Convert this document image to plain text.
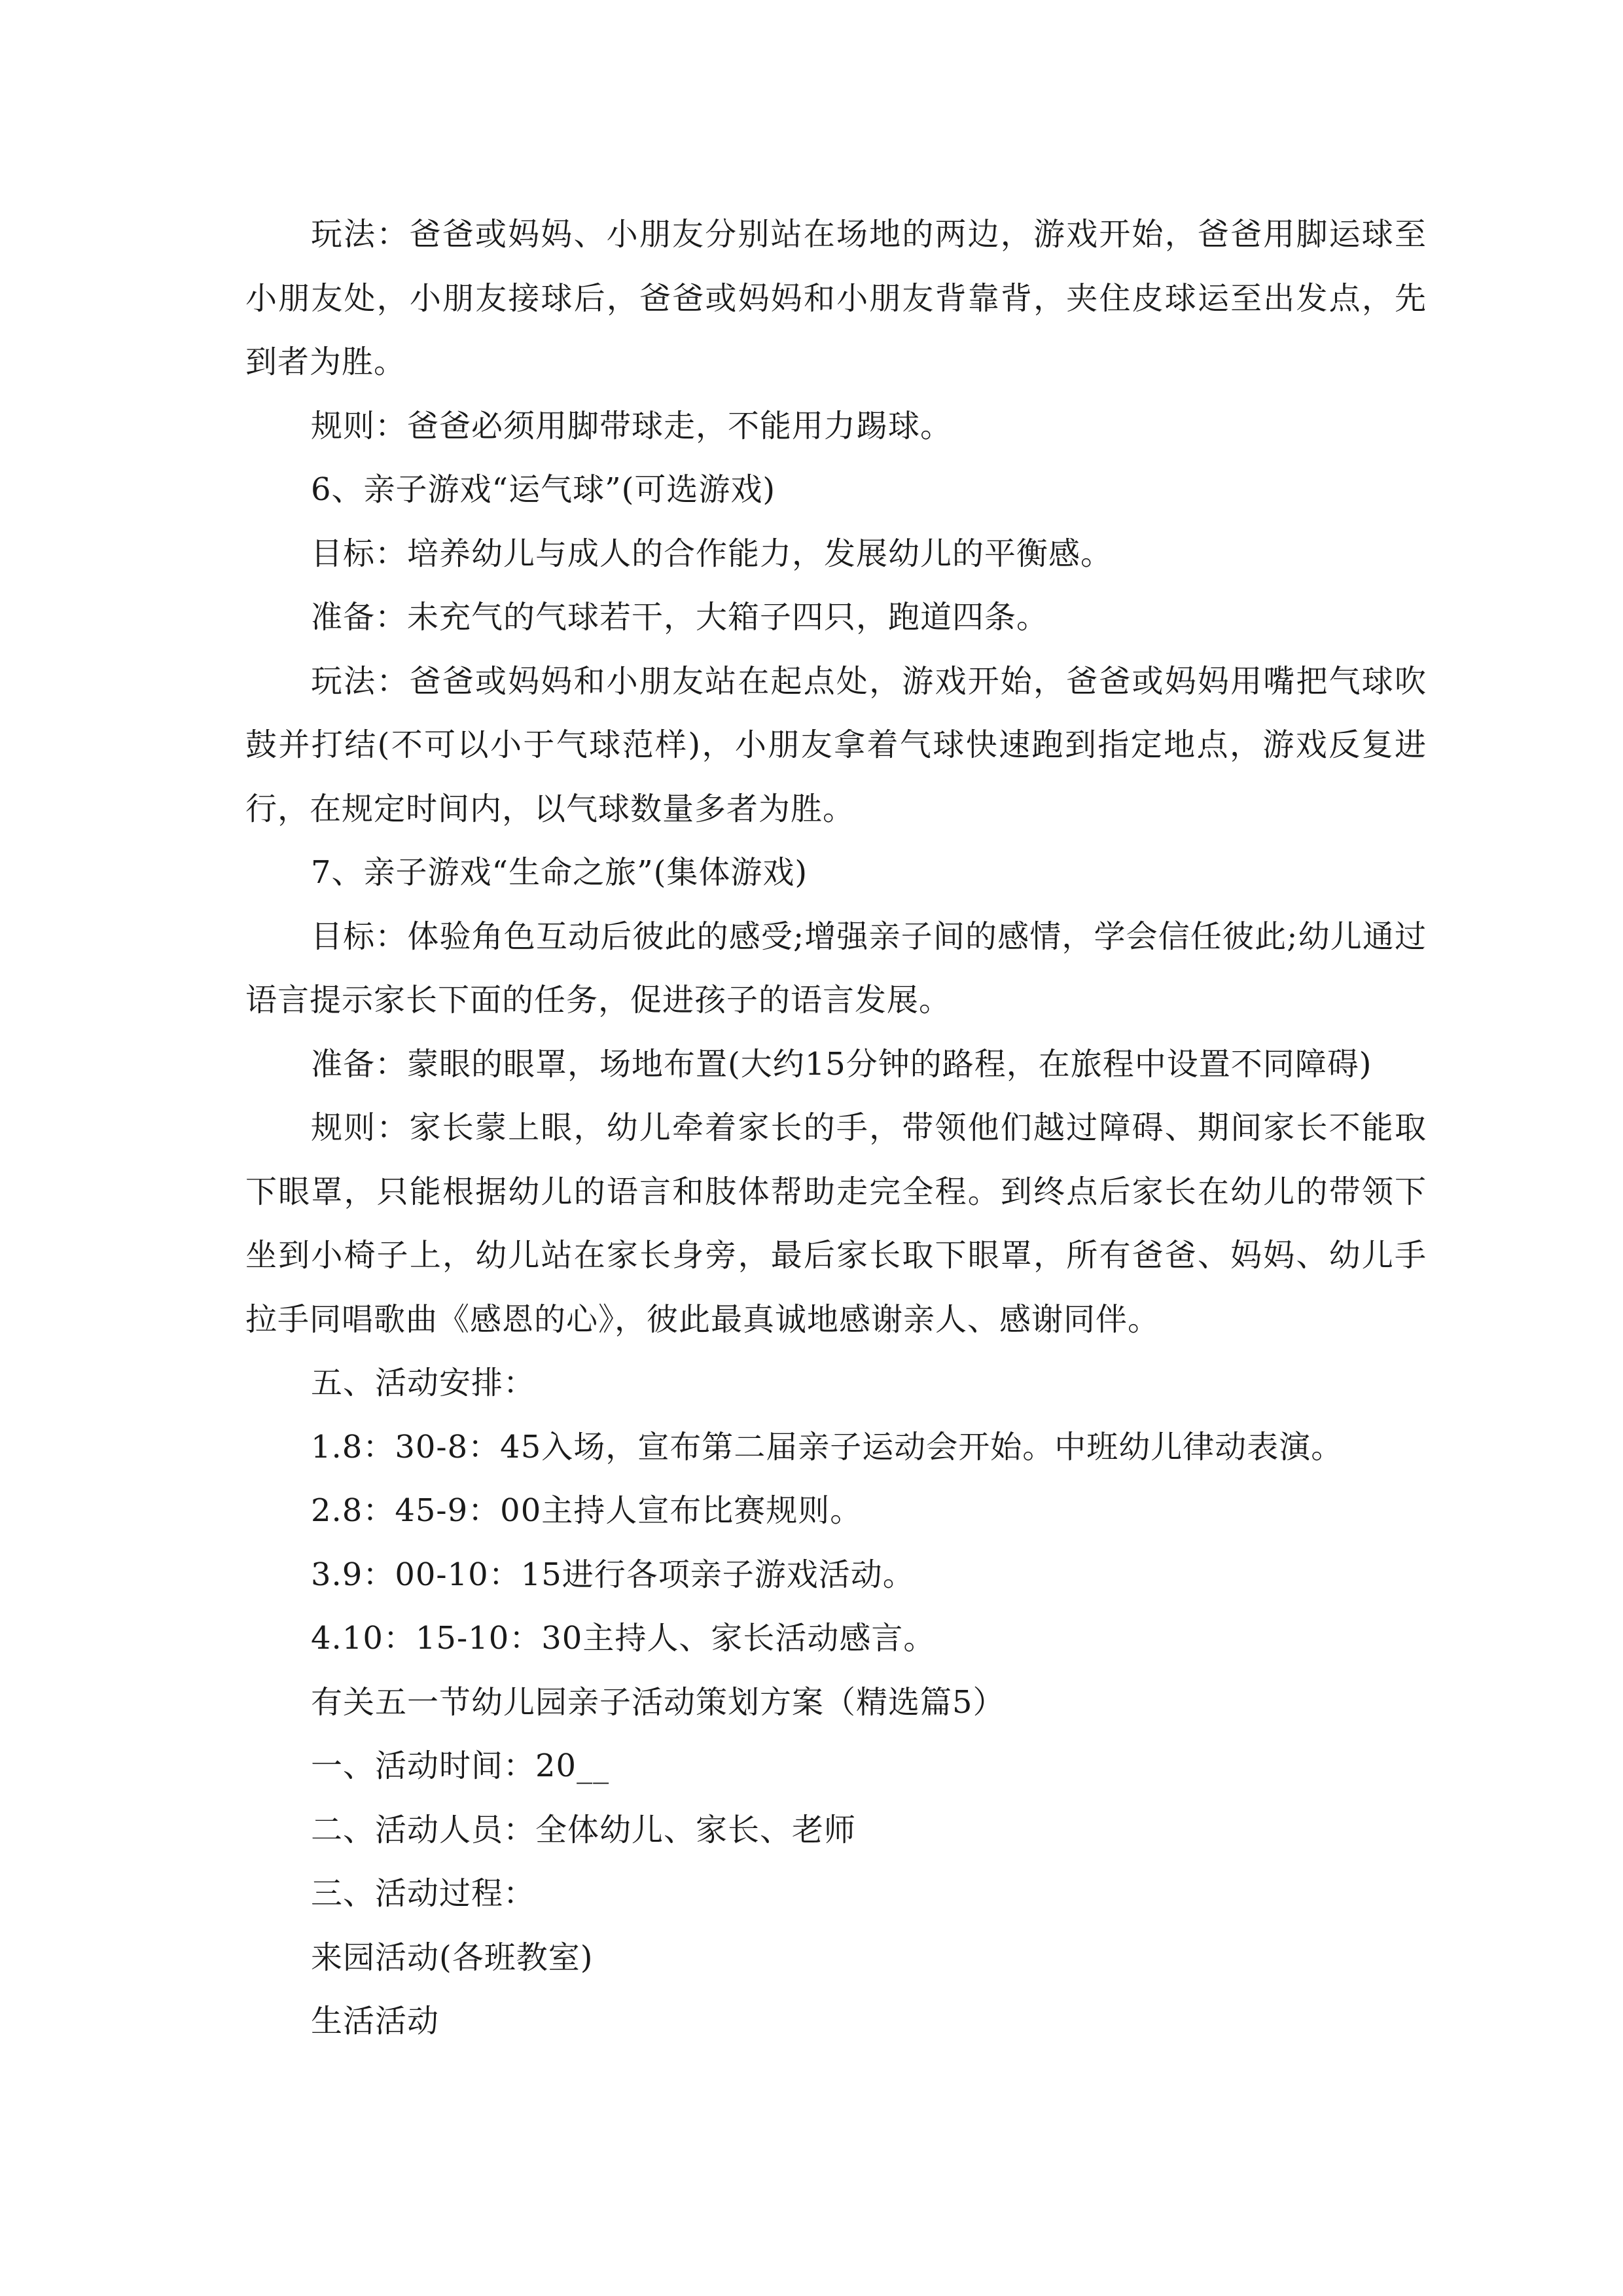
玩法：爸爸或妈妈、小朋友分别站在场地的两边，游戏开始，爸爸用脚运球至小朋友处，小朋友接球后，爸爸或妈妈和小朋友背靠背，夹住皮球运至出发点，先到者为胜。

规则：爸爸必须用脚带球走，不能用力踢球。

6、亲子游戏“运气球”(可选游戏)

目标：培养幼儿与成人的合作能力，发展幼儿的平衡感。

准备：未充气的气球若干，大箱子四只，跑道四条。

玩法：爸爸或妈妈和小朋友站在起点处，游戏开始，爸爸或妈妈用嘴把气球吹鼓并打结(不可以小于气球范样)，小朋友拿着气球快速跑到指定地点，游戏反复进行，在规定时间内，以气球数量多者为胜。

7、亲子游戏“生命之旅”(集体游戏)

目标：体验角色互动后彼此的感受;增强亲子间的感情，学会信任彼此;幼儿通过语言提示家长下面的任务，促进孩子的语言发展。

准备：蒙眼的眼罩，场地布置(大约15分钟的路程，在旅程中设置不同障碍)

规则：家长蒙上眼，幼儿牵着家长的手，带领他们越过障碍、期间家长不能取下眼罩，只能根据幼儿的语言和肢体帮助走完全程。到终点后家长在幼儿的带领下坐到小椅子上，幼儿站在家长身旁，最后家长取下眼罩，所有爸爸、妈妈、幼儿手拉手同唱歌曲《感恩的心》，彼此最真诚地感谢亲人、感谢同伴。

五、活动安排：

1.8：30-8：45入场，宣布第二届亲子运动会开始。中班幼儿律动表演。

2.8：45-9：00主持人宣布比赛规则。

3.9：00-10：15进行各项亲子游戏活动。

4.10：15-10：30主持人、家长活动感言。

有关五一节幼儿园亲子活动策划方案（精选篇5）

一、活动时间：20__

二、活动人员：全体幼儿、家长、老师

三、活动过程：

来园活动(各班教室)

生活活动
